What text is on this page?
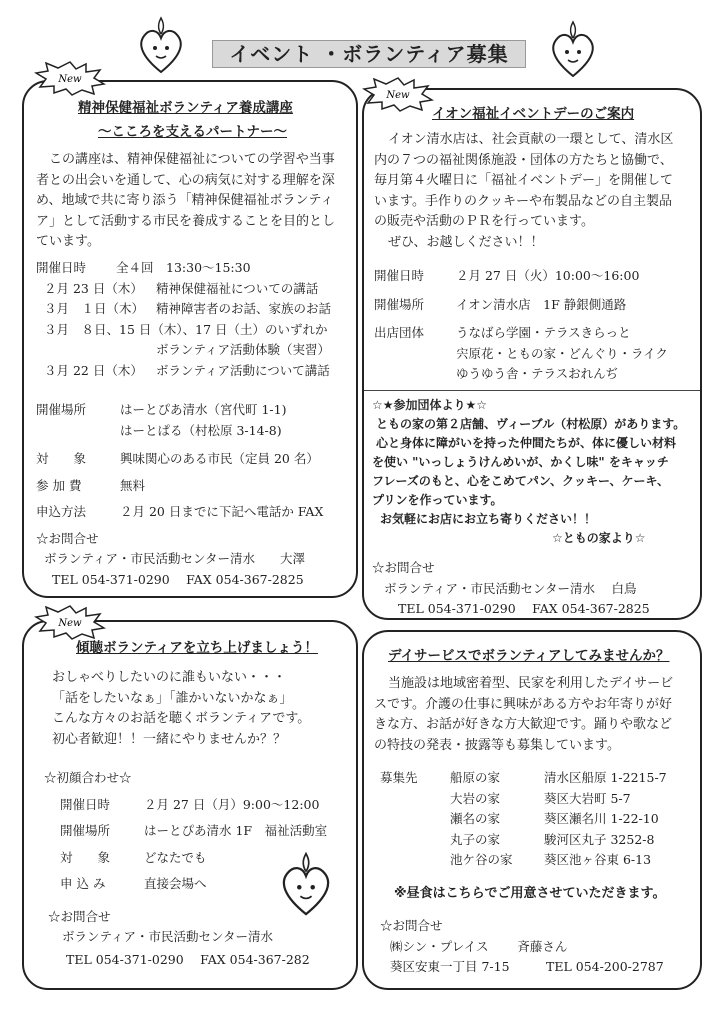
イベント ・ボランティア募集
精神保健福祉ボランティア養成講座
～こころを支えるパートナー～
この講座は、精神保健福祉についての学習や当事
者との出会いを通して、心の病気に対する理解を深
め、地域で共に寄り添う「精神保健福祉ボランティ
ア」として活動する市民を養成することを目的とし
ています。
開催日時 全４回　13:30～15:30
２月 23 日（木） 精神保健福祉についての講話
３月　１日（木） 精神障害者のお話、家族のお話
３月　８日、15 日（木）、17 日（土）のいずれか
ボランティア活動体験（実習）
３月 22 日（木） ボランティア活動について講話
開催場所	はーとぴあ清水（宮代町 1-1)
はーとぱる（村松原 3-14-8)
対　　象	興味関心のある市民（定員 20 名）
参 加 費	無料
申込方法	２月 20 日までに下記へ電話か FAX
☆お問合せ
ボランティア・市民活動センター清水　　大澤
TEL 054-371-0290　 FAX 054-367-2825
イオン福祉イベントデーのご案内
イオン清水店は、社会貢献の一環として、清水区
内の７つの福祉関係施設・団体の方たちと協働で、
毎月第４火曜日に「福祉イベントデー」を開催して
います。手作りのクッキーや布製品などの自主製品
の販売や活動のＰＲを行っています。
ぜひ、お越しください！！
開催日時	２月 27 日（火）10:00～16:00
開催場所	イオン清水店　1F 静銀側通路
出店団体	うなばら学園・テラスきらっと
宍原花・ともの家・どんぐり・ライク
ゆうゆう舎・テラスおれんぢ
☆★参加団体より★☆
ともの家の第２店舗、ヴィーブル（村松原）があります。
心と身体に障がいを持った仲間たちが、体に優しい材料
を使い "いっしょうけんめいが、かくし味" をキャッチ
フレーズのもと、心をこめてパン、クッキー、ケーキ、
プリンを作っています。
お気軽にお店にお立ち寄りください！！
☆ともの家より☆
☆お問合せ
ボランティア・市民活動センター清水　 白鳥
TEL 054-371-0290　 FAX 054-367-2825
傾聴ボランティアを立ち上げましょう！
おしゃべりしたいのに誰もいない・・・
「話をしたいなぁ」「誰かいないかなぁ」
こんな方々のお話を聴くボランティアです。
初心者歓迎！！一緒にやりませんか？？
☆初顔合わせ☆
開催日時	２月 27 日（月）9:00～12:00
開催場所	はーとぴあ清水 1F　福祉活動室
対　　象	どなたでも
申 込 み	直接会場へ
☆お問合せ
ボランティア・市民活動センター清水
TEL 054-371-0290　 FAX 054-367-282
デイサービスでボランティアしてみませんか？
当施設は地域密着型、民家を利用したデイサービ
スです。介護の仕事に興味がある方やお年寄りが好
きな方、お話が好きな方大歓迎です。踊りや歌など
の特技の発表・披露等も募集しています。
募集先	船原の家	清水区船原 1-2215-7
大岩の家	葵区大岩町 5-7
瀬名の家	葵区瀬名川 1-22-10
丸子の家	駿河区丸子 3252-8
池ケ谷の家	葵区池ヶ谷東 6-13
※昼食はこちらでご用意させていただきます。
☆お問合せ
㈱シン・プレイス　　 斉藤さん
葵区安東一丁目 7-15	TEL 054-200-2787
New
New
New
